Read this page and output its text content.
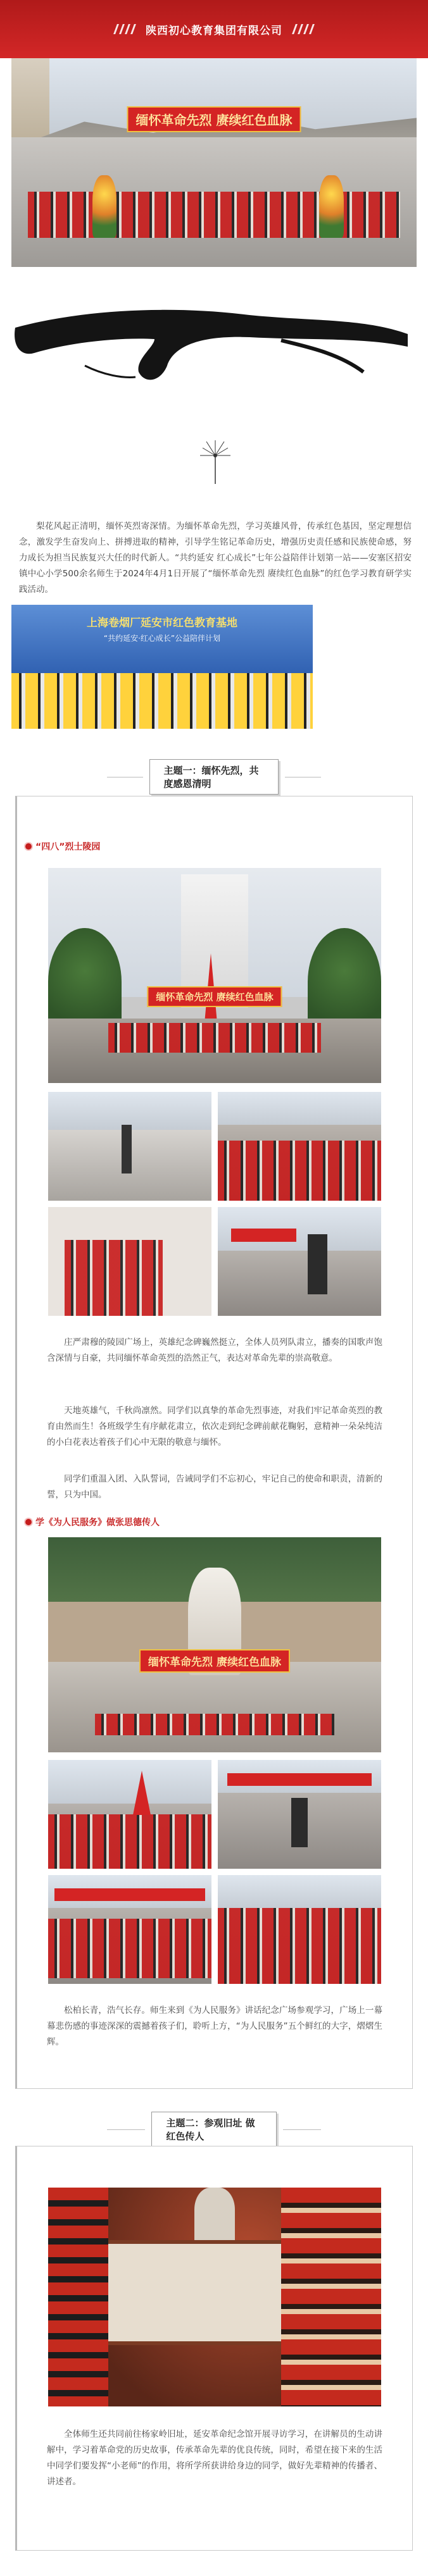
陕西初心教育集团有限公司
缅怀革命先烈 赓续红色血脉
梨花风起正清明，缅怀英烈寄深情。为缅怀革命先烈，学习英雄风骨，传承红色基因，坚定理想信念，激发学生奋发向上、拼搏进取的精神，引导学生铭记革命历史，增强历史责任感和民族使命感，努力成长为担当民族复兴大任的时代新人。“共约延安 红心成长”七年公益陪伴计划第一站——安塞区招安镇中心小学500余名师生于2024年4月1日开展了“缅怀革命先烈 赓续红色血脉”的红色学习教育研学实践活动。
上海卷烟厂延安市红色教育基地
“共约延安·红心成长”公益陪伴计划
主题一：缅怀先烈，共度感恩清明
“四八”烈士陵园
缅怀革命先烈 赓续红色血脉
庄严肃穆的陵园广场上，英雄纪念碑巍然挺立，全体人员列队肃立，播奏的国歌声饱含深情与自豪，共同缅怀革命英烈的浩然正气，表达对革命先辈的崇高敬意。
天地英雄气，千秋尚凛然。同学们以真挚的革命先烈事迹，对我们牢记革命英烈的教育由然而生！各班级学生有序献花肃立，依次走到纪念碑前献花鞠躬，意精神一朵朵纯洁的小白花表达着孩子们心中无限的敬意与缅怀。
同学们重温入团、入队誓词，告诫同学们不忘初心，牢记自己的使命和职责，清新的誓，只为中国。
学《为人民服务》做张思德传人
缅怀革命先烈 赓续红色血脉
松柏长青，浩气长存。师生来到《为人民服务》讲话纪念广场参观学习，广场上一幕幕悲伤感的事迹深深的震撼着孩子们，聆听上方，“为人民服务”五个鲜红的大字，熠熠生辉。
主题二：参观旧址 做红色传人
全体师生还共同前往杨家岭旧址，延安革命纪念馆开展寻访学习，在讲解员的生动讲解中，学习着革命党的历史故事，传承革命先辈的优良传统，同时，希望在接下来的生活中同学们要发挥“小老师”的作用，将所学所获讲给身边的同学，做好先辈精神的传播者、讲述者。
